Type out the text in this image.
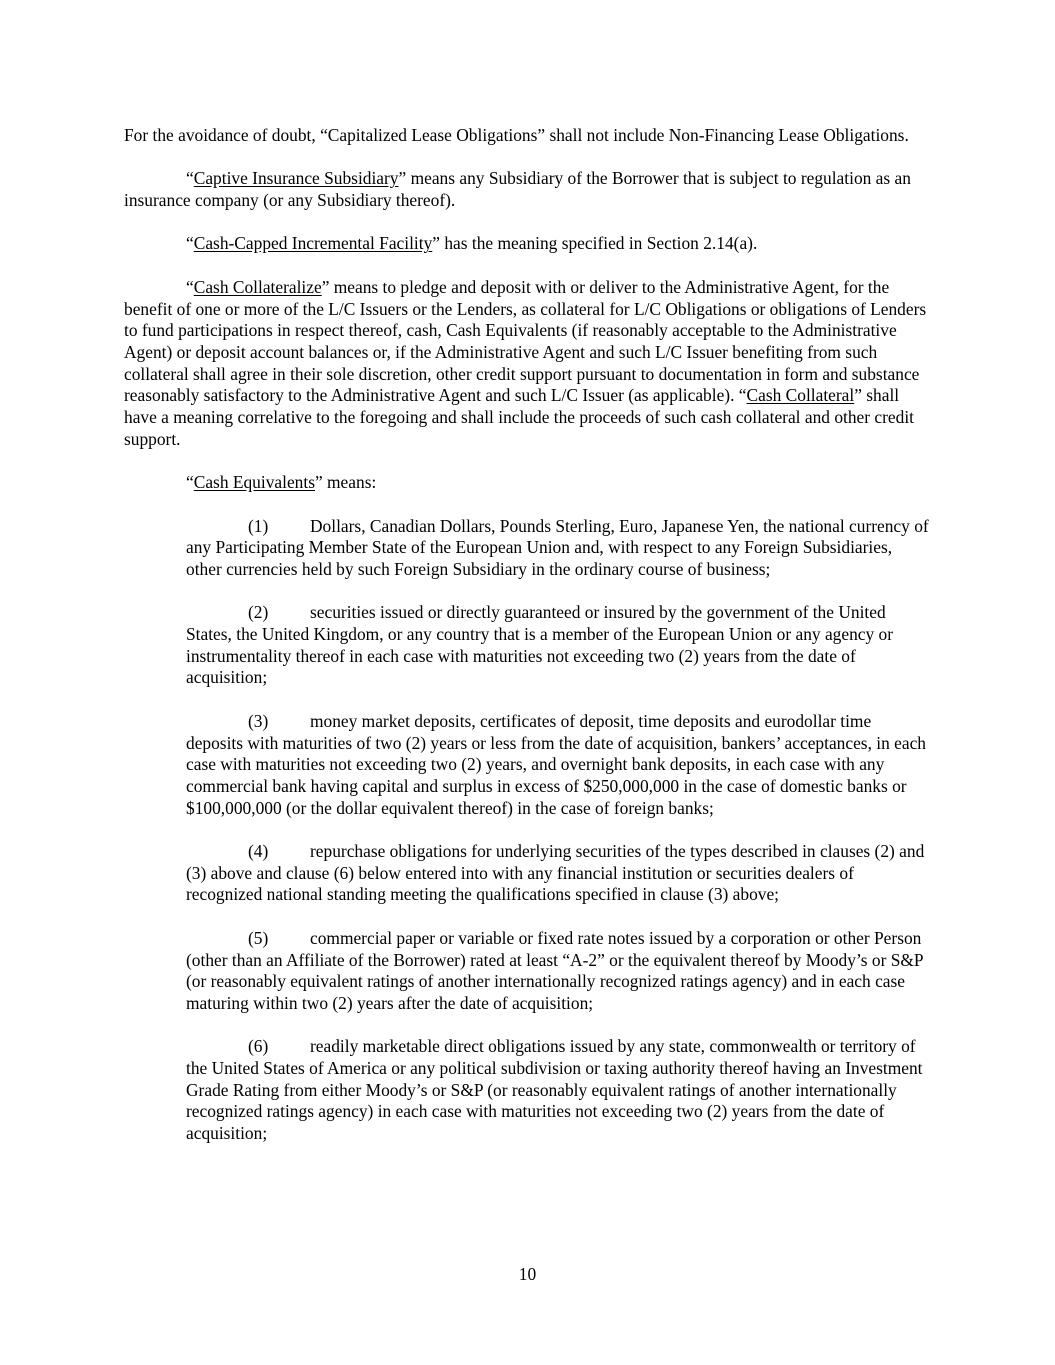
For the avoidance of doubt, “Capitalized Lease Obligations” shall not include Non-Financing Lease Obligations.

“Captive Insurance Subsidiary” means any Subsidiary of the Borrower that is subject to regulation as an insurance company (or any Subsidiary thereof).

“Cash-Capped Incremental Facility” has the meaning specified in Section 2.14(a).

“Cash Collateralize” means to pledge and deposit with or deliver to the Administrative Agent, for the benefit of one or more of the L/C Issuers or the Lenders, as collateral for L/C Obligations or obligations of Lenders to fund participations in respect thereof, cash, Cash Equivalents (if reasonably acceptable to the Administrative Agent) or deposit account balances or, if the Administrative Agent and such L/C Issuer benefiting from such collateral shall agree in their sole discretion, other credit support pursuant to documentation in form and substance reasonably satisfactory to the Administrative Agent and such L/C Issuer (as applicable). “Cash Collateral” shall have a meaning correlative to the foregoing and shall include the proceeds of such cash collateral and other credit support.

“Cash Equivalents” means:

(1) Dollars, Canadian Dollars, Pounds Sterling, Euro, Japanese Yen, the national currency of any Participating Member State of the European Union and, with respect to any Foreign Subsidiaries, other currencies held by such Foreign Subsidiary in the ordinary course of business;
(2) securities issued or directly guaranteed or insured by the government of the United States, the United Kingdom, or any country that is a member of the European Union or any agency or instrumentality thereof in each case with maturities not exceeding two (2) years from the date of acquisition;
(3) money market deposits, certificates of deposit, time deposits and eurodollar time deposits with maturities of two (2) years or less from the date of acquisition, bankers’ acceptances, in each case with maturities not exceeding two (2) years, and overnight bank deposits, in each case with any commercial bank having capital and surplus in excess of $250,000,000 in the case of domestic banks or $100,000,000 (or the dollar equivalent thereof) in the case of foreign banks;
(4) repurchase obligations for underlying securities of the types described in clauses (2) and (3) above and clause (6) below entered into with any financial institution or securities dealers of recognized national standing meeting the qualifications specified in clause (3) above;
(5) commercial paper or variable or fixed rate notes issued by a corporation or other Person (other than an Affiliate of the Borrower) rated at least “A-2” or the equivalent thereof by Moody’s or S&P (or reasonably equivalent ratings of another internationally recognized ratings agency) and in each case maturing within two (2) years after the date of acquisition;
(6) readily marketable direct obligations issued by any state, commonwealth or territory of the United States of America or any political subdivision or taxing authority thereof having an Investment Grade Rating from either Moody’s or S&P (or reasonably equivalent ratings of another internationally recognized ratings agency) in each case with maturities not exceeding two (2) years from the date of acquisition;
10
